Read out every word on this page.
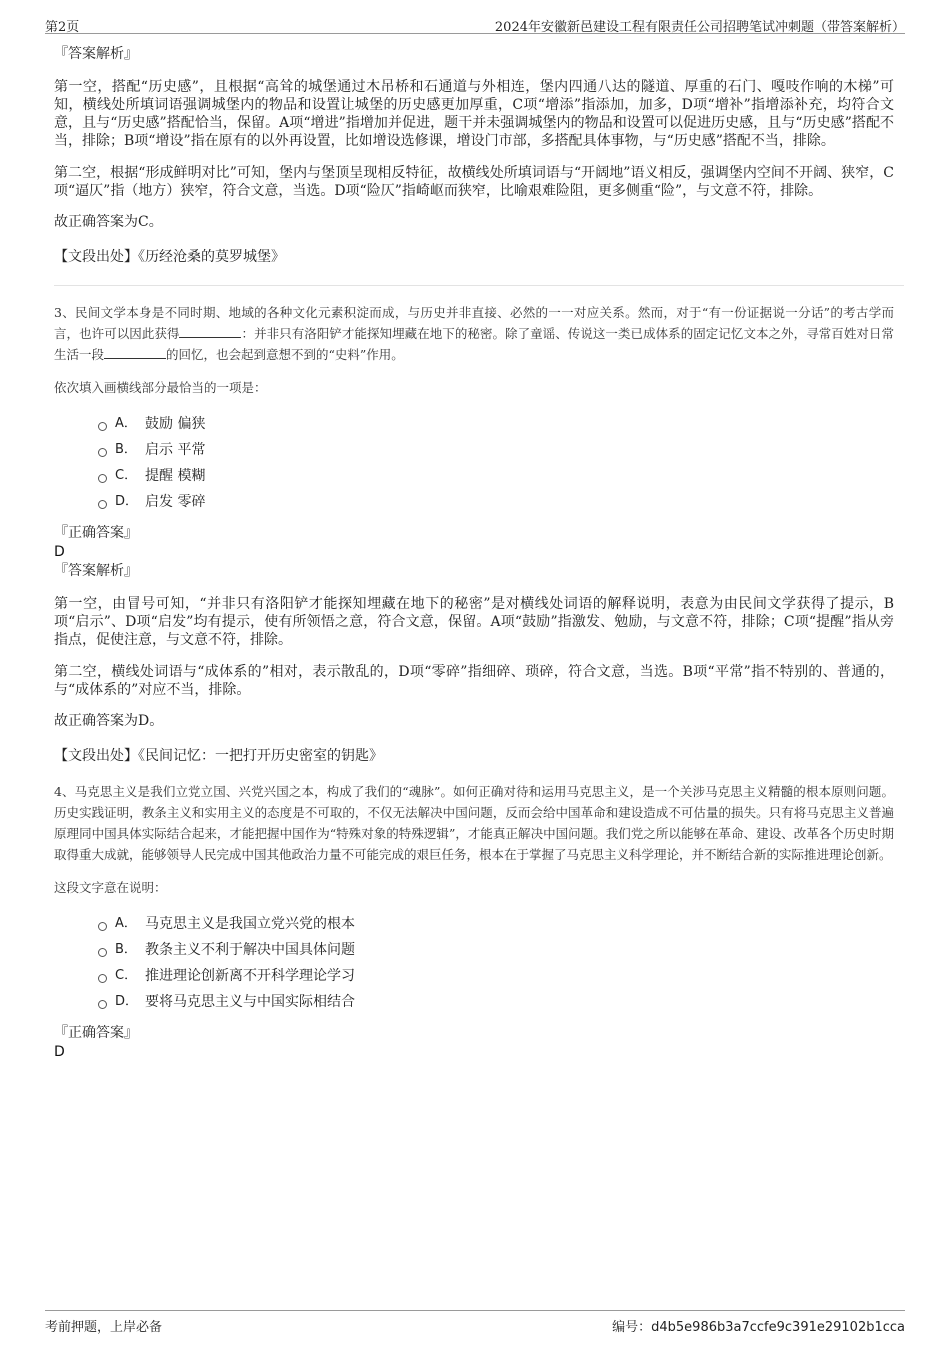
第2页	2024年安徽新邑建设工程有限责任公司招聘笔试冲刺题（带答案解析）
『答案解析』

第一空，搭配“历史感”，且根据“高耸的城堡通过木吊桥和石通道与外相连，堡内四通八达的隧道、厚重的石门、嘎吱作响的木梯”可知，横线处所填词语强调城堡内的物品和设置让城堡的历史感更加厚重，C项“增添”指添加，加多，D项“增补”指增添补充，均符合文意，且与“历史感”搭配恰当，保留。A项“增进”指增加并促进，题干并未强调城堡内的物品和设置可以促进历史感，且与“历史感”搭配不当，排除；B项“增设”指在原有的以外再设置，比如增设选修课，增设门市部，多搭配具体事物，与“历史感”搭配不当，排除。

第二空，根据“形成鲜明对比”可知，堡内与堡顶呈现相反特征，故横线处所填词语与“开阔地”语义相反，强调堡内空间不开阔、狭窄，C项“逼仄”指（地方）狭窄，符合文意，当选。D项“险仄”指崎岖而狭窄，比喻艰难险阻，更多侧重“险”，与文意不符，排除。

故正确答案为C。

【文段出处】《历经沧桑的莫罗城堡》

3、民间文学本身是不同时期、地域的各种文化元素积淀而成，与历史并非直接、必然的一一对应关系。然而，对于“有一份证据说一分话”的考古学而言，也许可以因此获得	：并非只有洛阳铲才能探知埋藏在地下的秘密。除了童谣、传说这一类已成体系的固定记忆文本之外，寻常百姓对日常生活一段	的回忆，也会起到意想不到的“史料”作用。

依次填入画横线部分最恰当的一项是：

A． 鼓励 偏狭
B． 启示 平常
C． 提醒 模糊
D． 启发 零碎
『正确答案』
D
『答案解析』

第一空，由冒号可知，“并非只有洛阳铲才能探知埋藏在地下的秘密”是对横线处词语的解释说明，表意为由民间文学获得了提示，B项“启示”、D项“启发”均有提示，使有所领悟之意，符合文意，保留。A项“鼓励”指激发、勉励，与文意不符，排除；C项“提醒”指从旁指点，促使注意，与文意不符，排除。

第二空，横线处词语与“成体系的”相对，表示散乱的，D项“零碎”指细碎、琐碎，符合文意，当选。B项“平常”指不特别的、普通的，与“成体系的”对应不当，排除。

故正确答案为D。

【文段出处】《民间记忆：一把打开历史密室的钥匙》

4、马克思主义是我们立党立国、兴党兴国之本，构成了我们的“魂脉”。如何正确对待和运用马克思主义，是一个关涉马克思主义精髓的根本原则问题。历史实践证明，教条主义和实用主义的态度是不可取的，不仅无法解决中国问题，反而会给中国革命和建设造成不可估量的损失。只有将马克思主义普遍原理同中国具体实际结合起来，才能把握中国作为“特殊对象的特殊逻辑”，才能真正解决中国问题。我们党之所以能够在革命、建设、改革各个历史时期取得重大成就，能够领导人民完成中国其他政治力量不可能完成的艰巨任务，根本在于掌握了马克思主义科学理论，并不断结合新的实际推进理论创新。

这段文字意在说明：

A． 马克思主义是我国立党兴党的根本
B． 教条主义不利于解决中国具体问题
C． 推进理论创新离不开科学理论学习
D． 要将马克思主义与中国实际相结合
『正确答案』
D
考前押题，上岸必备	编号：d4b5e986b3a7ccfe9c391e29102b1cca
